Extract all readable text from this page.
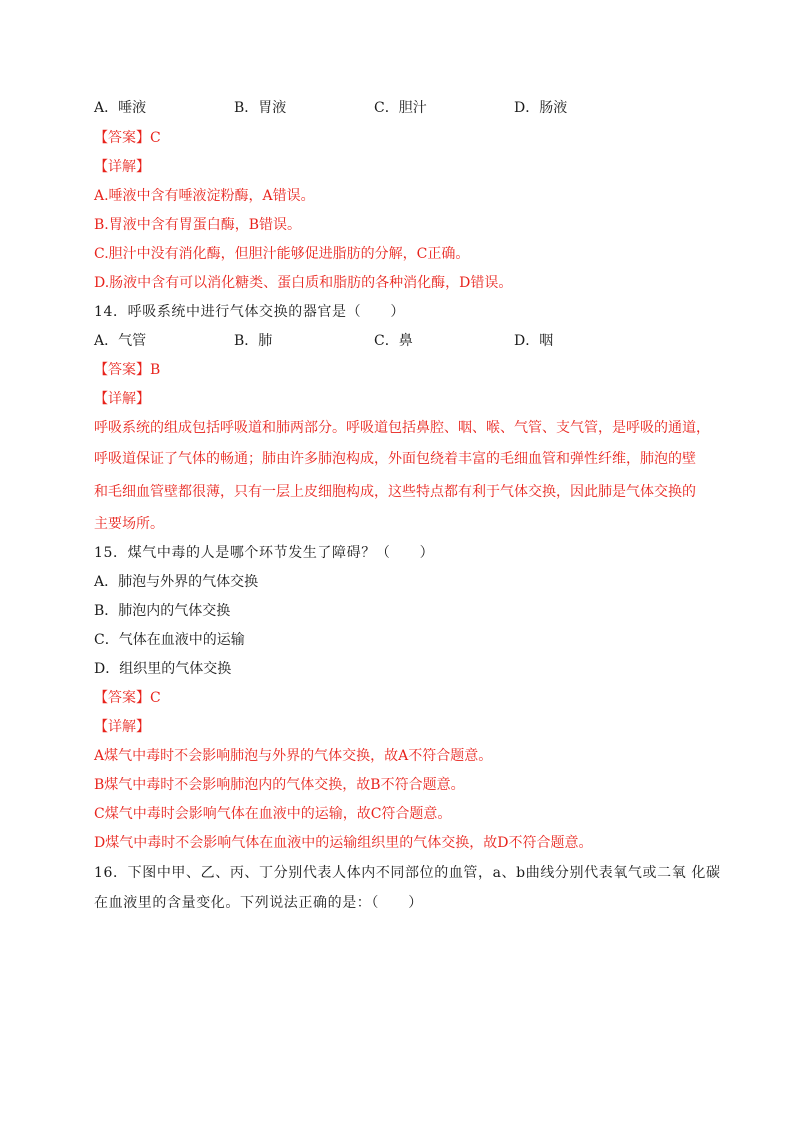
A．唾液	B．胃液	C．胆汁	D．肠液
【答案】C
【详解】
A.唾液中含有唾液淀粉酶，A错误。
B.胃液中含有胃蛋白酶，B错误。
C.胆汁中没有消化酶，但胆汁能够促进脂肪的分解，C正确。
D.肠液中含有可以消化糖类、蛋白质和脂肪的各种消化酶，D错误。
14．呼吸系统中进行气体交换的器官是（　　）
A．气管	B．肺	C．鼻	D．咽
【答案】B
【详解】
呼吸系统的组成包括呼吸道和肺两部分。呼吸道包括鼻腔、咽、喉、气管、支气管，是呼吸的通道，
呼吸道保证了气体的畅通；肺由许多肺泡构成，外面包绕着丰富的毛细血管和弹性纤维，肺泡的壁
和毛细血管壁都很薄，只有一层上皮细胞构成，这些特点都有利于气体交换，因此肺是气体交换的
主要场所。
15．煤气中毒的人是哪个环节发生了障碍？（　　）
A．肺泡与外界的气体交换
B．肺泡内的气体交换
C．气体在血液中的运输
D．组织里的气体交换
【答案】C
【详解】
A煤气中毒时不会影响肺泡与外界的气体交换，故A不符合题意。
B煤气中毒时不会影响肺泡内的气体交换，故B不符合题意。
C煤气中毒时会影响气体在血液中的运输，故C符合题意。
D煤气中毒时不会影响气体在血液中的运输组织里的气体交换，故D不符合题意。
16．下图中甲、乙、丙、丁分别代表人体内不同部位的血管，a、b曲线分别代表氧气或二氧 化碳
在血液里的含量变化。下列说法正确的是：（　　）
